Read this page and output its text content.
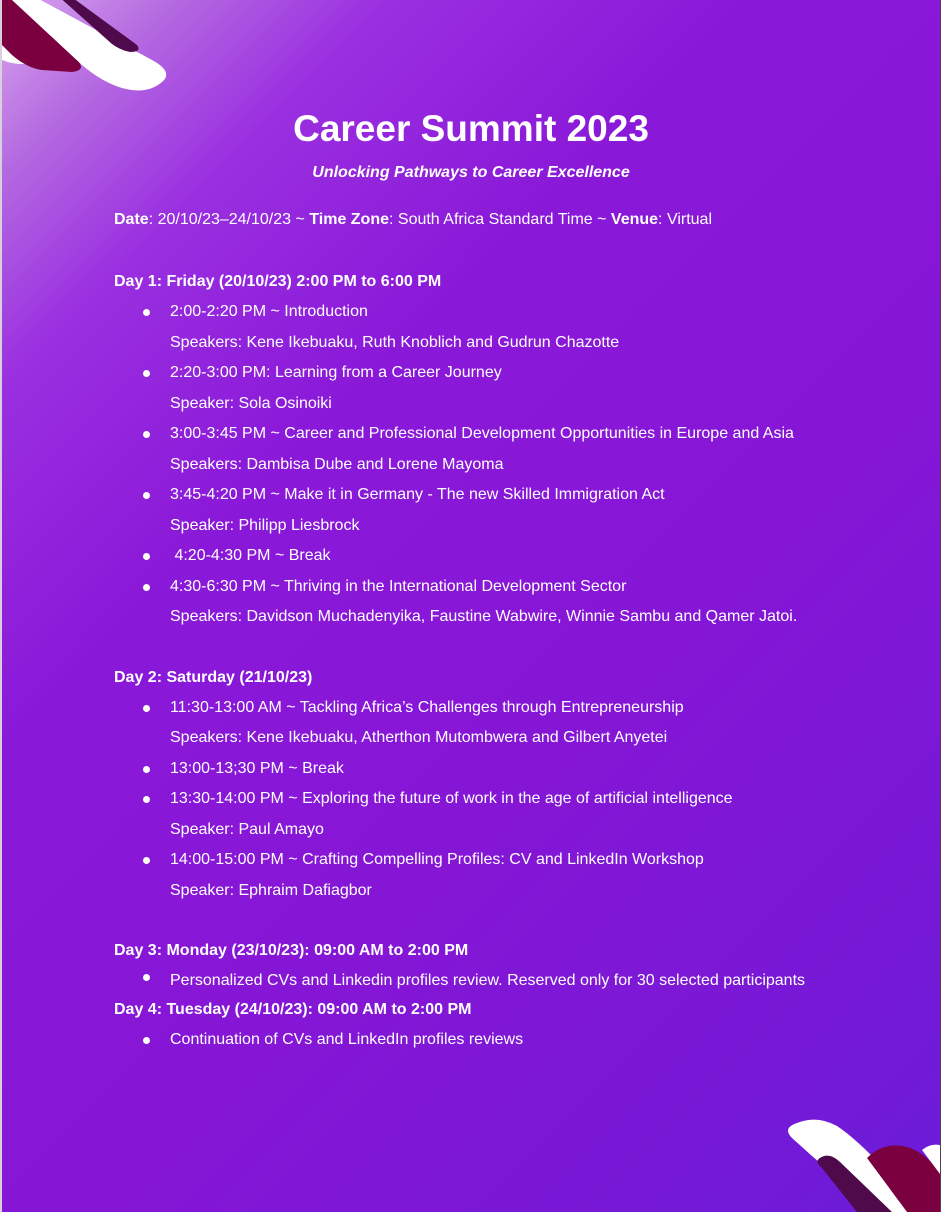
Career Summit 2023
Unlocking Pathways to Career Excellence
Date: 20/10/23–24/10/23 ~ Time Zone: South Africa Standard Time ~ Venue: Virtual
Day 1: Friday (20/10/23) 2:00 PM to 6:00 PM
2:00-2:20 PM ~ Introduction
Speakers: Kene Ikebuaku, Ruth Knoblich and Gudrun Chazotte
2:20-3:00 PM: Learning from a Career Journey
Speaker: Sola Osinoiki
3:00-3:45 PM ~ Career and Professional Development Opportunities in Europe and Asia
Speakers: Dambisa Dube and Lorene Mayoma
3:45-4:20 PM ~ Make it in Germany - The new Skilled Immigration Act
Speaker: Philipp Liesbrock
4:20-4:30 PM ~ Break
4:30-6:30 PM ~ Thriving in the International Development Sector
Speakers: Davidson Muchadenyika, Faustine Wabwire, Winnie Sambu and Qamer Jatoi.
Day 2: Saturday (21/10/23)
11:30-13:00 AM ~ Tackling Africa’s Challenges through Entrepreneurship
Speakers: Kene Ikebuaku, Atherthon Mutombwera and Gilbert Anyetei
13:00-13;30 PM ~ Break
13:30-14:00 PM ~ Exploring the future of work in the age of artificial intelligence
Speaker: Paul Amayo
14:00-15:00 PM ~ Crafting Compelling Profiles: CV and LinkedIn Workshop
Speaker: Ephraim Dafiagbor
Day 3: Monday (23/10/23): 09:00 AM to 2:00 PM
Personalized CVs and Linkedin profiles review. Reserved only for 30 selected participants
Day 4: Tuesday (24/10/23): 09:00 AM to 2:00 PM
Continuation of CVs and LinkedIn profiles reviews
